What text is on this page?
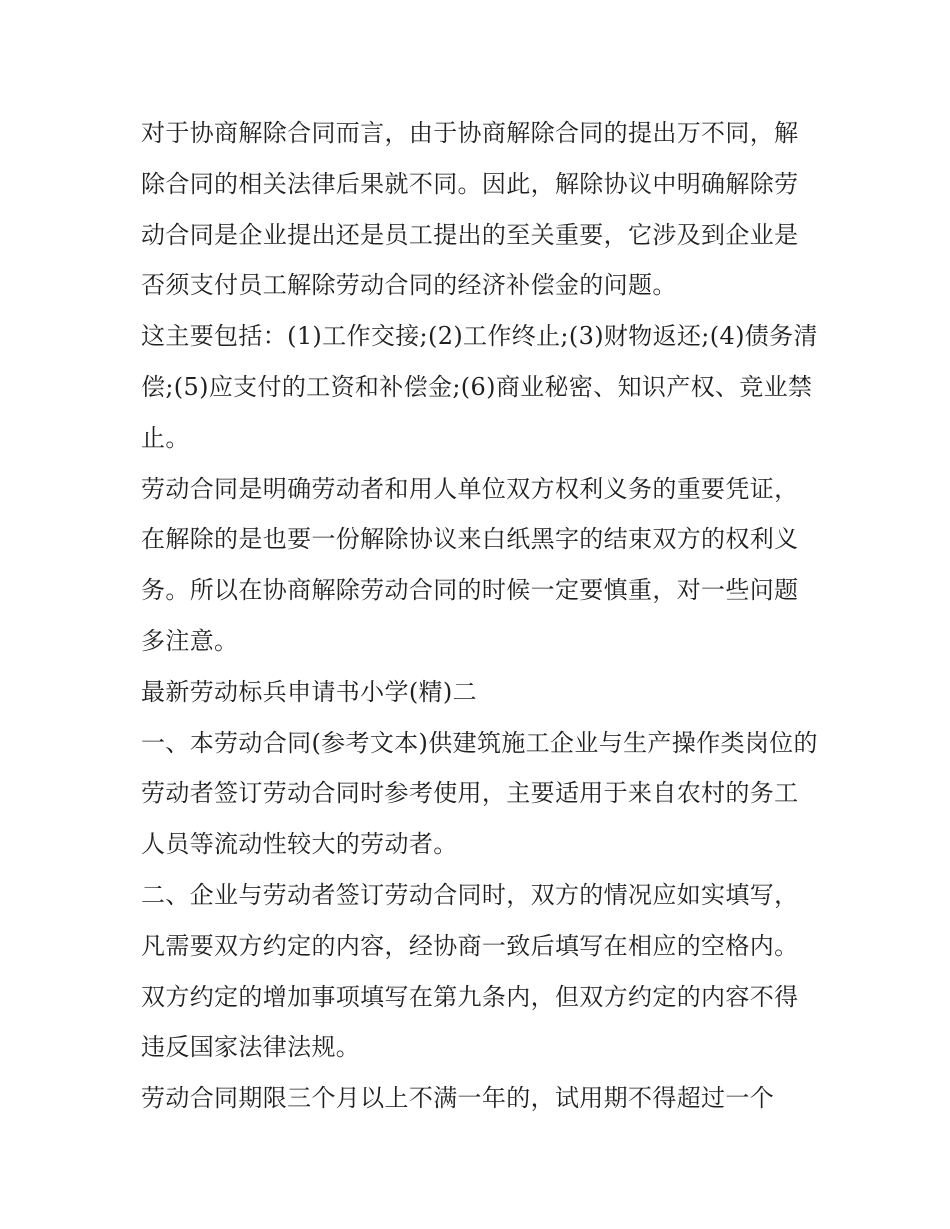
对于协商解除合同而言，由于协商解除合同的提出万不同，解除合同的相关法律后果就不同。因此，解除协议中明确解除劳动合同是企业提出还是员工提出的至关重要，它涉及到企业是否须支付员工解除劳动合同的经济补偿金的问题。

这主要包括：(1)工作交接;(2)工作终止;(3)财物返还;(4)债务清偿;(5)应支付的工资和补偿金;(6)商业秘密、知识产权、竞业禁止。

劳动合同是明确劳动者和用人单位双方权利义务的重要凭证，在解除的是也要一份解除协议来白纸黑字的结束双方的权利义务。所以在协商解除劳动合同的时候一定要慎重，对一些问题多注意。

最新劳动标兵申请书小学(精)二

一、本劳动合同(参考文本)供建筑施工企业与生产操作类岗位的劳动者签订劳动合同时参考使用，主要适用于来自农村的务工人员等流动性较大的劳动者。

二、企业与劳动者签订劳动合同时，双方的情况应如实填写，凡需要双方约定的内容，经协商一致后填写在相应的空格内。双方约定的增加事项填写在第九条内，但双方约定的内容不得违反国家法律法规。

劳动合同期限三个月以上不满一年的，试用期不得超过一个
